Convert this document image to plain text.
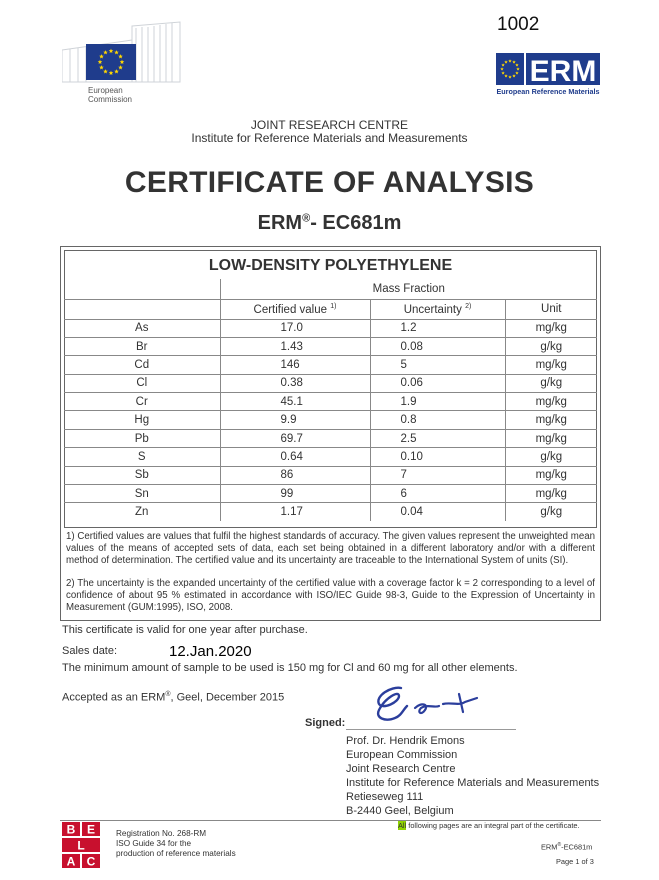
1002
European
Commission
ERM
European Reference Materials
JOINT RESEARCH CENTRE
Institute for Reference Materials and Measurements
CERTIFICATE OF ANALYSIS
ERM®- EC681m
LOW-DENSITY POLYETHYLENE
	Mass Fraction		
	Certified value $^{1)}$	Uncertainty $^{2)}$	Unit
As	17.0	1.2	mg/kg
Br	1.43	0.08	g/kg
Cd	146	5	mg/kg
Cl	0.38	0.06	g/kg
Cr	45.1	1.9	mg/kg
Hg	9.9	0.8	mg/kg
Pb	69.7	2.5	mg/kg
S	0.64	0.10	g/kg
Sb	86	7	mg/kg
Sn	99	6	mg/kg
Zn	1.17	0.04	g/kg
1) Certified values are values that fulfil the highest standards of accuracy. The given values represent the unweighted mean values of the means of accepted sets of data, each set being obtained in a different laboratory and/or with a different method of determination. The certified value and its uncertainty are traceable to the International System of units (SI).
2) The uncertainty is the expanded uncertainty of the certified value with a coverage factor k = 2 corresponding to a level of confidence of about 95 % estimated in accordance with ISO/IEC Guide 98-3, Guide to the Expression of Uncertainty in Measurement (GUM:1995), ISO, 2008.
This certificate is valid for one year after purchase.
Sales date:	12.Jan.2020
The minimum amount of sample to be used is 150 mg for Cl and 60 mg for all other elements.
Accepted as an ERM®, Geel, December 2015
Signed:
Prof. Dr. Hendrik Emons
European Commission
Joint Research Centre
Institute for Reference Materials and Measurements
Retieseweg 111
B-2440 Geel, Belgium
B E
L
A C
Registration No. 268-RM
ISO Guide 34 for the
production of reference materials
All following pages are an integral part of the certificate.
ERM®-EC681m
Page 1 of 3
